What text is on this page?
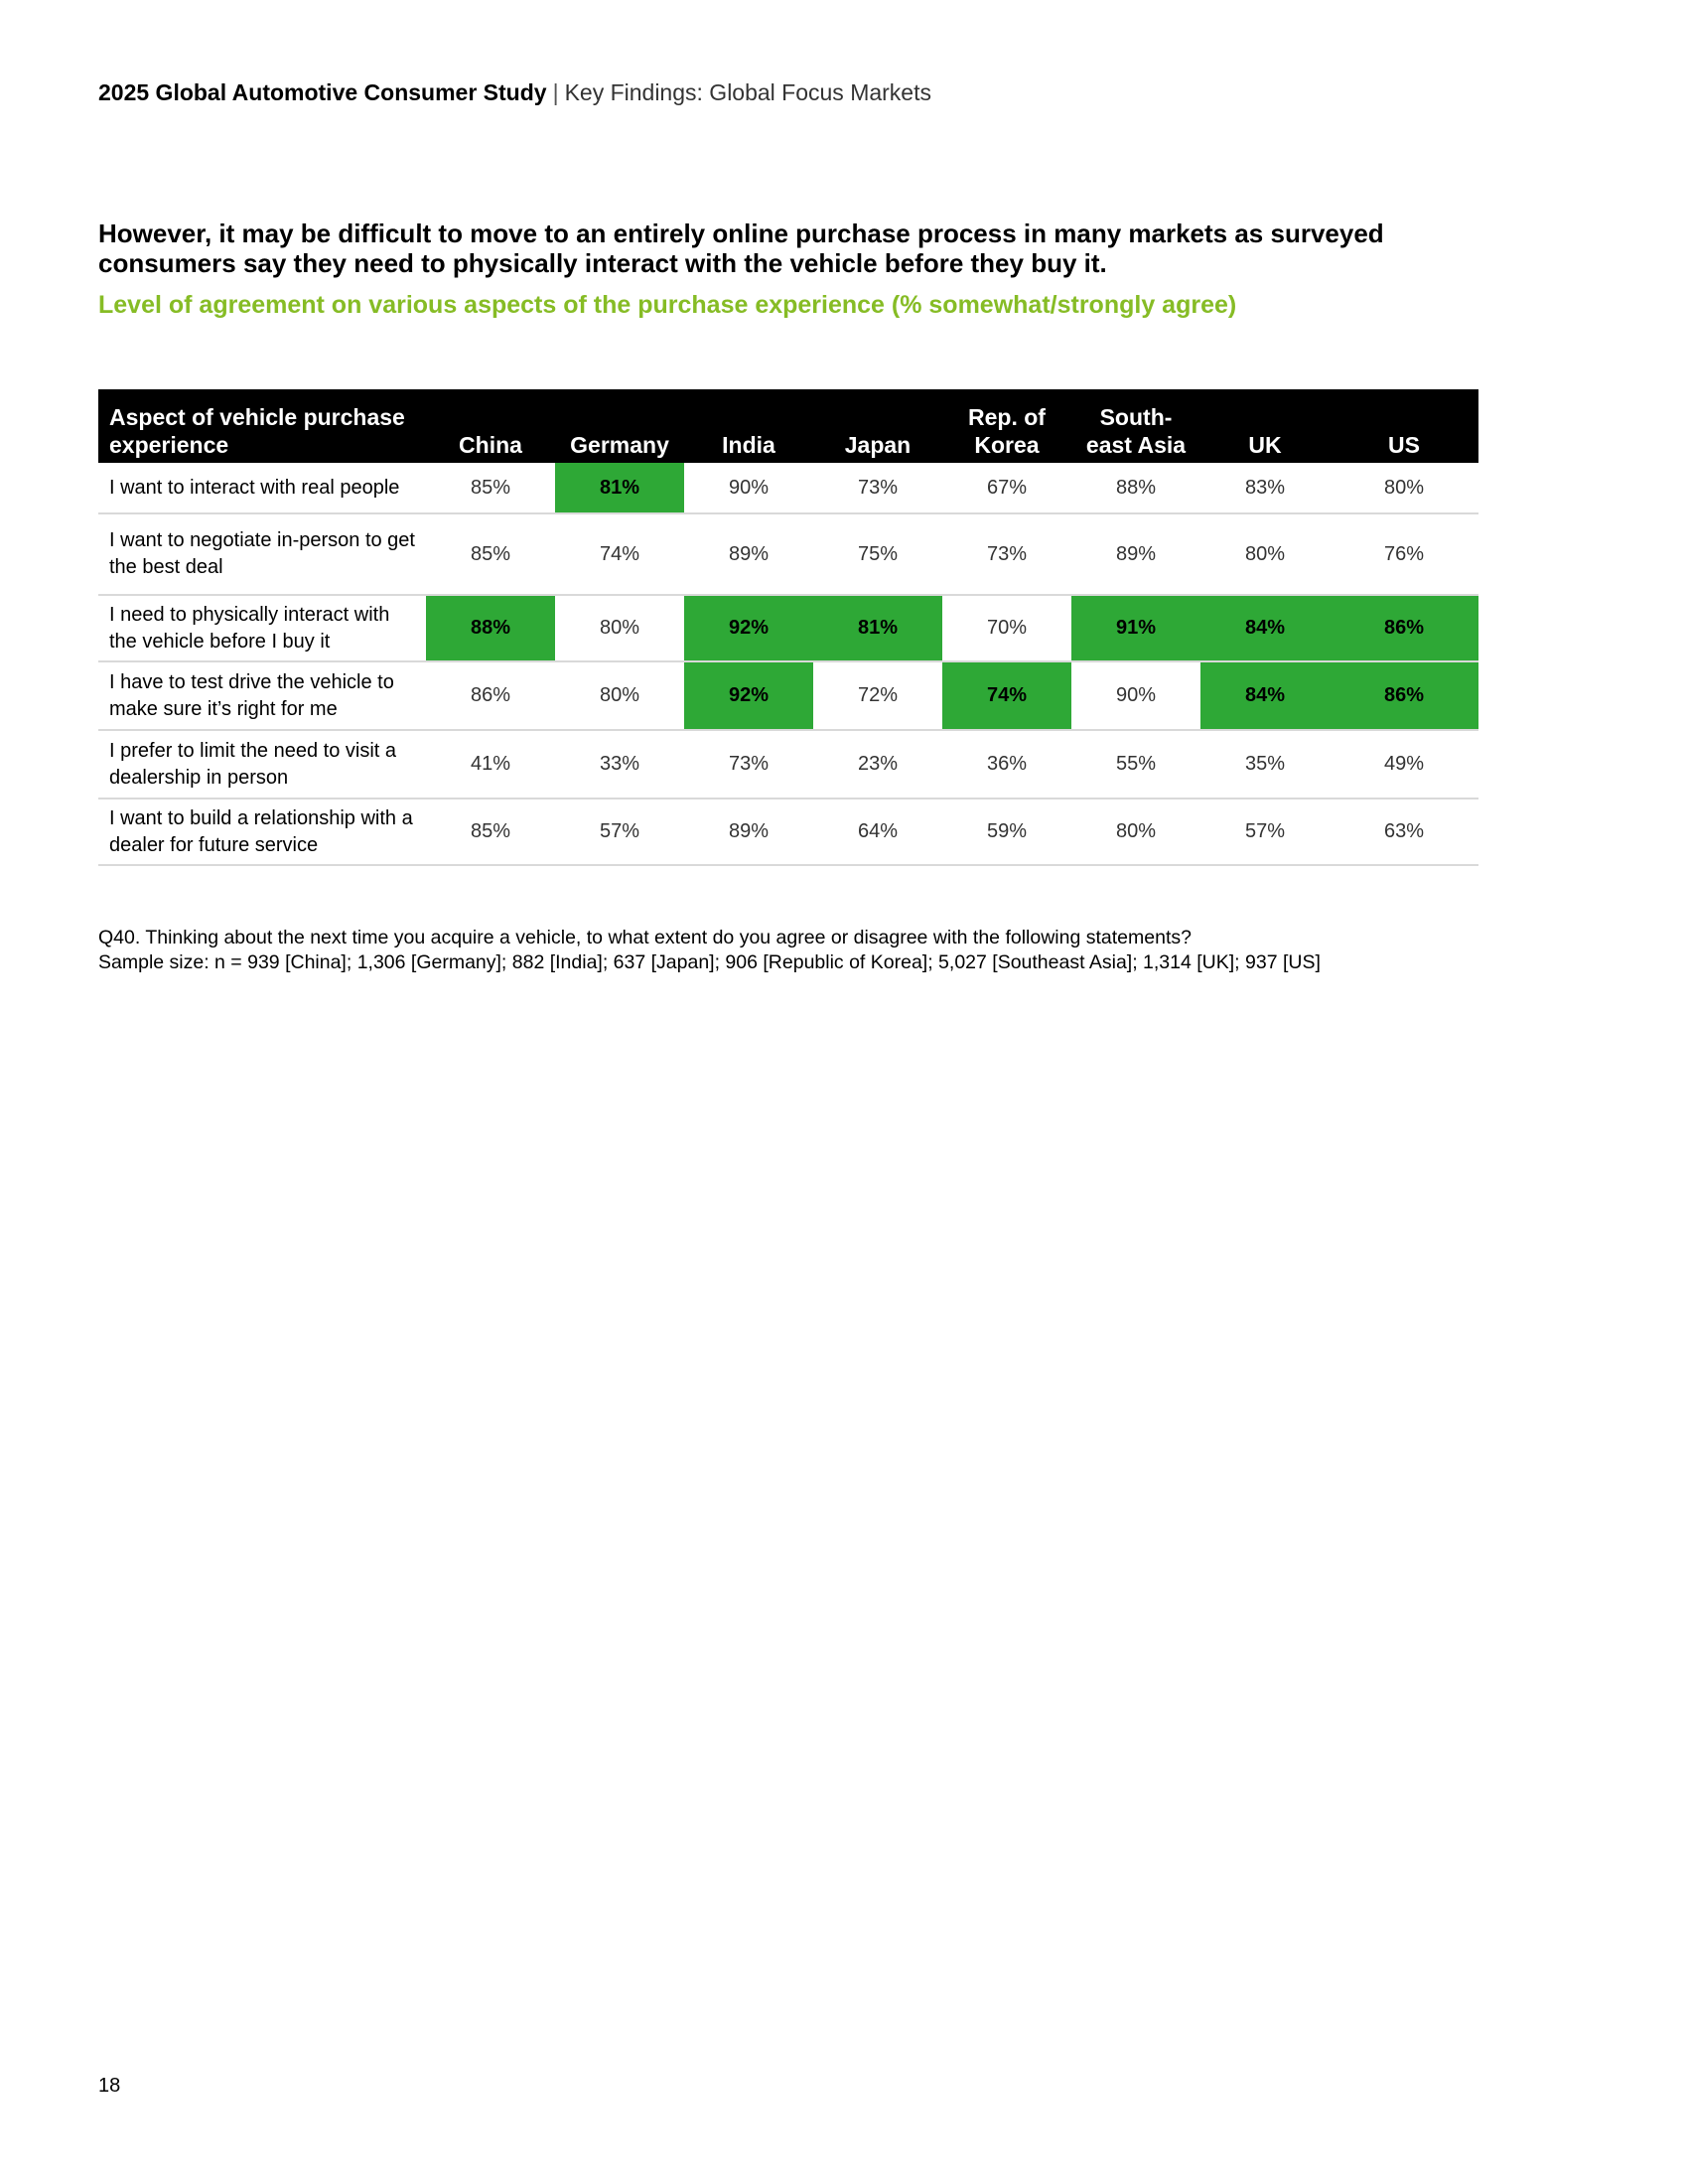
2025 Global Automotive Consumer Study | Key Findings: Global Focus Markets

However, it may be difficult to move to an entirely online purchase process in many markets as surveyed consumers say they need to physically interact with the vehicle before they buy it.

Level of agreement on various aspects of the purchase experience (% somewhat/strongly agree)

Aspect of vehicle purchase experience	China	Germany	India	Japan	Rep. of Korea	South-east Asia	UK	US
I want to interact with real people	85%	81%	90%	73%	67%	88%	83%	80%
I want to negotiate in-person to get the best deal	85%	74%	89%	75%	73%	89%	80%	76%
I need to physically interact with the vehicle before I buy it	88%	80%	92%	81%	70%	91%	84%	86%
I have to test drive the vehicle to make sure it’s right for me	86%	80%	92%	72%	74%	90%	84%	86%
I prefer to limit the need to visit a dealership in person	41%	33%	73%	23%	36%	55%	35%	49%
I want to build a relationship with a dealer for future service	85%	57%	89%	64%	59%	80%	57%	63%
Q40. Thinking about the next time you acquire a vehicle, to what extent do you agree or disagree with the following statements?
Sample size: n = 939 [China]; 1,306 [Germany]; 882 [India]; 637 [Japan]; 906 [Republic of Korea]; 5,027 [Southeast Asia]; 1,314 [UK]; 937 [US]
18
